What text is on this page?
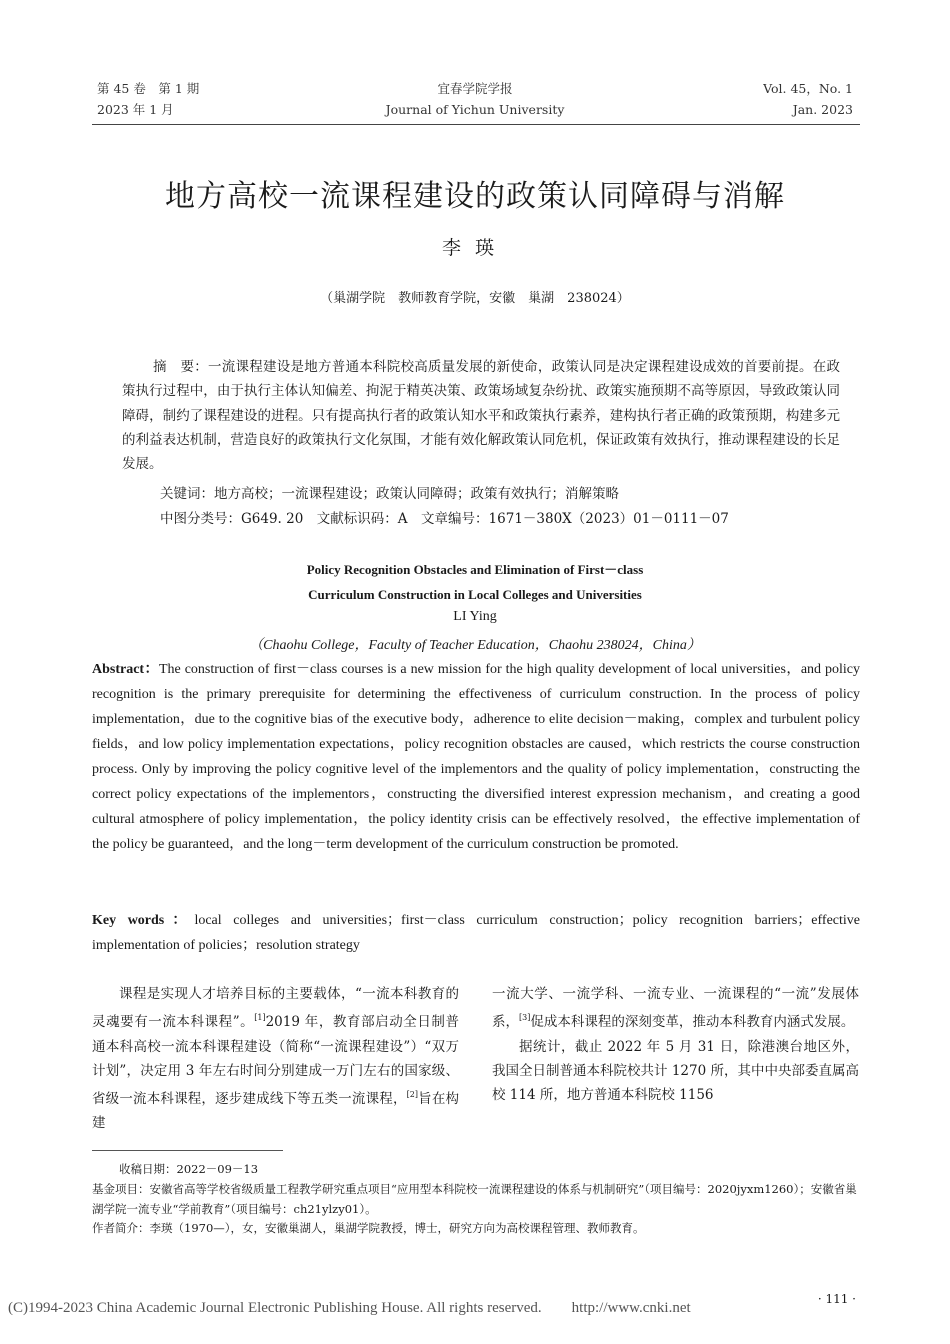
第 45 卷　第 1 期
2023 年 1 月
宜春学院学报
Journal of Yichun University
Vol. 45，No. 1
Jan. 2023
地方高校一流课程建设的政策认同障碍与消解
李瑛
（巢湖学院　教师教育学院，安徽　巢湖　238024）
摘　要：一流课程建设是地方普通本科院校高质量发展的新使命，政策认同是决定课程建设成效的首要前提。在政策执行过程中，由于执行主体认知偏差、拘泥于精英决策、政策场域复杂纷扰、政策实施预期不高等原因，导致政策认同障碍，制约了课程建设的进程。只有提高执行者的政策认知水平和政策执行素养，建构执行者正确的政策预期，构建多元的利益表达机制，营造良好的政策执行文化氛围，才能有效化解政策认同危机，保证政策有效执行，推动课程建设的长足发展。
关键词：地方高校；一流课程建设；政策认同障碍；政策有效执行；消解策略
中图分类号：G649. 20　文献标识码：A　文章编号：1671－380X（2023）01－0111－07
Policy Recognition Obstacles and Elimination of First－class
Curriculum Construction in Local Colleges and Universities
LI Ying
（Chaohu College，Faculty of Teacher Education，Chaohu 238024，China）
Abstract：The construction of first－class courses is a new mission for the high quality development of local universities，and policy recognition is the primary prerequisite for determining the effectiveness of curriculum construction. In the process of policy implementation，due to the cognitive bias of the executive body，adherence to elite decision－making，complex and turbulent policy fields，and low policy implementation expectations，policy recognition obstacles are caused，which restricts the course construction process. Only by improving the policy cognitive level of the implementors and the quality of policy implementation，constructing the correct policy expectations of the implementors，constructing the diversified interest expression mechanism，and creating a good cultural atmosphere of policy implementation，the policy identity crisis can be effectively resolved，the effective implementation of the policy be guaranteed，and the long－term development of the curriculum construction be promoted.
Key words：local colleges and universities；first－class curriculum construction；policy recognition barriers；effective implementation of policies；resolution strategy
课程是实现人才培养目标的主要载体，“一流本科教育的灵魂要有一流本科课程”。[1]2019 年，教育部启动全日制普通本科高校一流本科课程建设（简称“一流课程建设”）“双万计划”，决定用 3 年左右时间分别建成一万门左右的国家级、省级一流本科课程，逐步建成线下等五类一流课程，[2]旨在构建
一流大学、一流学科、一流专业、一流课程的“一流”发展体系，[3]促成本科课程的深刻变革，推动本科教育内涵式发展。
据统计，截止 2022 年 5 月 31 日，除港澳台地区外，我国全日制普通本科院校共计 1270 所，其中中央部委直属高校 114 所，地方普通本科院校 1156
收稿日期：2022－09－13
基金项目：安徽省高等学校省级质量工程教学研究重点项目“应用型本科院校一流课程建设的体系与机制研究”（项目编号：2020jyxm1260）；安徽省巢湖学院一流专业“学前教育”（项目编号：ch21ylzy01）。
作者简介：李瑛（1970—），女，安徽巢湖人，巢湖学院教授，博士，研究方向为高校课程管理、教师教育。
· 111 ·
(C)1994-2023 China Academic Journal Electronic Publishing House. All rights reserved.　　http://www.cnki.net
